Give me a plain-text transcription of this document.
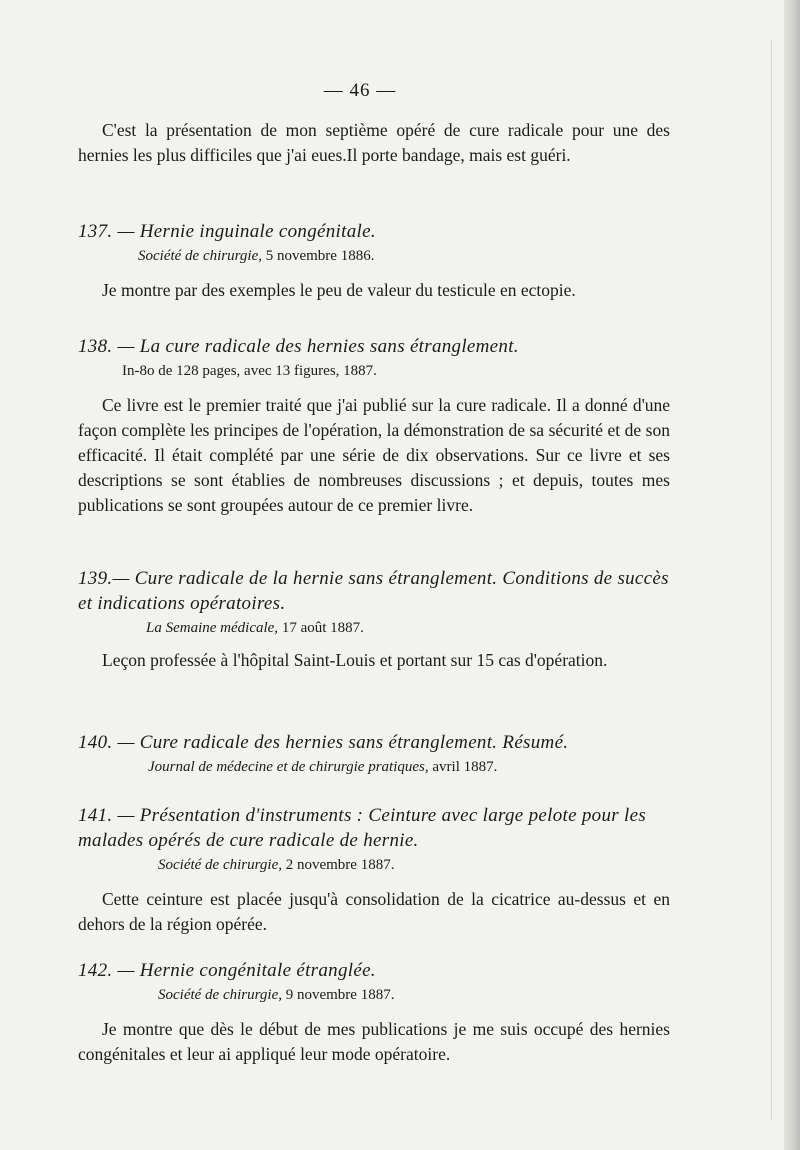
— 46 —

C'est la présentation de mon septième opéré de cure radicale pour une des hernies les plus difficiles que j'ai eues.Il porte bandage, mais est guéri.

137. — Hernie inguinale congénitale.

Société de chirurgie, 5 novembre 1886.

Je montre par des exemples le peu de valeur du testicule en ectopie.

138. — La cure radicale des hernies sans étranglement.

In-8o de 128 pages, avec 13 figures, 1887.

Ce livre est le premier traité que j'ai publié sur la cure radicale. Il a donné d'une façon complète les principes de l'opération, la démonstration de sa sécurité et de son efficacité. Il était complété par une série de dix observations. Sur ce livre et ses descriptions se sont établies de nombreuses discussions ; et depuis, toutes mes publications se sont groupées autour de ce premier livre.

139.— Cure radicale de la hernie sans étranglement. Conditions de succès et indications opératoires.

La Semaine médicale, 17 août 1887.

Leçon professée à l'hôpital Saint-Louis et portant sur 15 cas d'opération.

140. — Cure radicale des hernies sans étranglement. Résumé.

Journal de médecine et de chirurgie pratiques, avril 1887.

141. — Présentation d'instruments : Ceinture avec large pelote pour les malades opérés de cure radicale de hernie.

Société de chirurgie, 2 novembre 1887.

Cette ceinture est placée jusqu'à consolidation de la cicatrice au-dessus et en dehors de la région opérée.

142. — Hernie congénitale étranglée.

Société de chirurgie, 9 novembre 1887.

Je montre que dès le début de mes publications je me suis occupé des hernies congénitales et leur ai appliqué leur mode opératoire.
